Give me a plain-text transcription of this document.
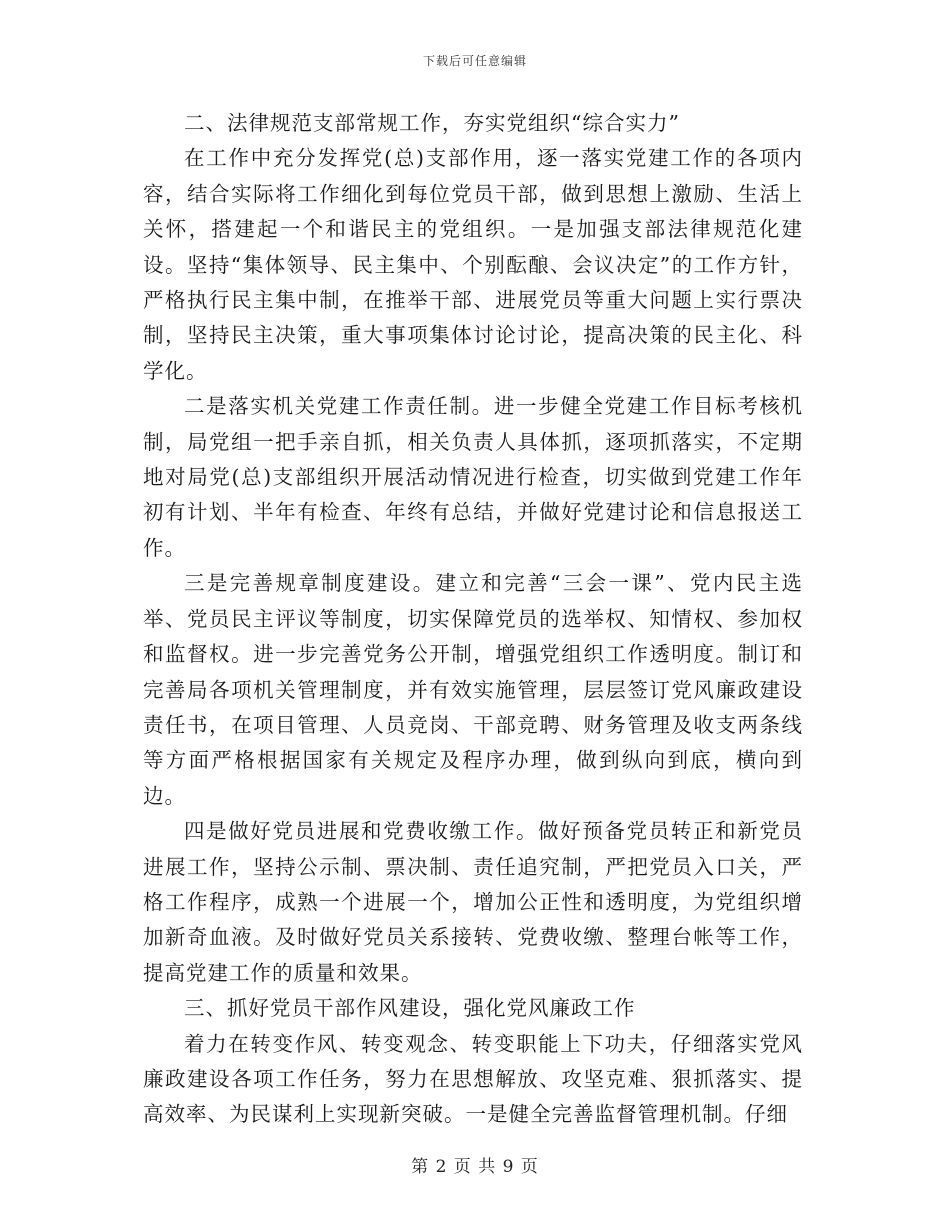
下载后可任意编辑

二、法律规范支部常规工作，夯实党组织“综合实力”

在工作中充分发挥党(总)支部作用，逐一落实党建工作的各项内容，结合实际将工作细化到每位党员干部，做到思想上激励、生活上关怀，搭建起一个和谐民主的党组织。一是加强支部法律规范化建设。坚持“集体领导、民主集中、个别酝酿、会议决定”的工作方针，严格执行民主集中制，在推举干部、进展党员等重大问题上实行票决制，坚持民主决策，重大事项集体讨论讨论，提高决策的民主化、科学化。

二是落实机关党建工作责任制。进一步健全党建工作目标考核机制，局党组一把手亲自抓，相关负责人具体抓，逐项抓落实，不定期地对局党(总)支部组织开展活动情况进行检查，切实做到党建工作年初有计划、半年有检查、年终有总结，并做好党建讨论和信息报送工作。

三是完善规章制度建设。建立和完善“三会一课”、党内民主选举、党员民主评议等制度，切实保障党员的选举权、知情权、参加权和监督权。进一步完善党务公开制，增强党组织工作透明度。制订和完善局各项机关管理制度，并有效实施管理，层层签订党风廉政建设责任书，在项目管理、人员竞岗、干部竞聘、财务管理及收支两条线等方面严格根据国家有关规定及程序办理，做到纵向到底，横向到边。

四是做好党员进展和党费收缴工作。做好预备党员转正和新党员进展工作，坚持公示制、票决制、责任追究制，严把党员入口关，严格工作程序，成熟一个进展一个，增加公正性和透明度，为党组织增加新奇血液。及时做好党员关系接转、党费收缴、整理台帐等工作，提高党建工作的质量和效果。

三、抓好党员干部作风建设，强化党风廉政工作

着力在转变作风、转变观念、转变职能上下功夫，仔细落实党风廉政建设各项工作任务，努力在思想解放、攻坚克难、狠抓落实、提高效率、为民谋利上实现新突破。一是健全完善监督管理机制。仔细

第 2 页 共 9 页
